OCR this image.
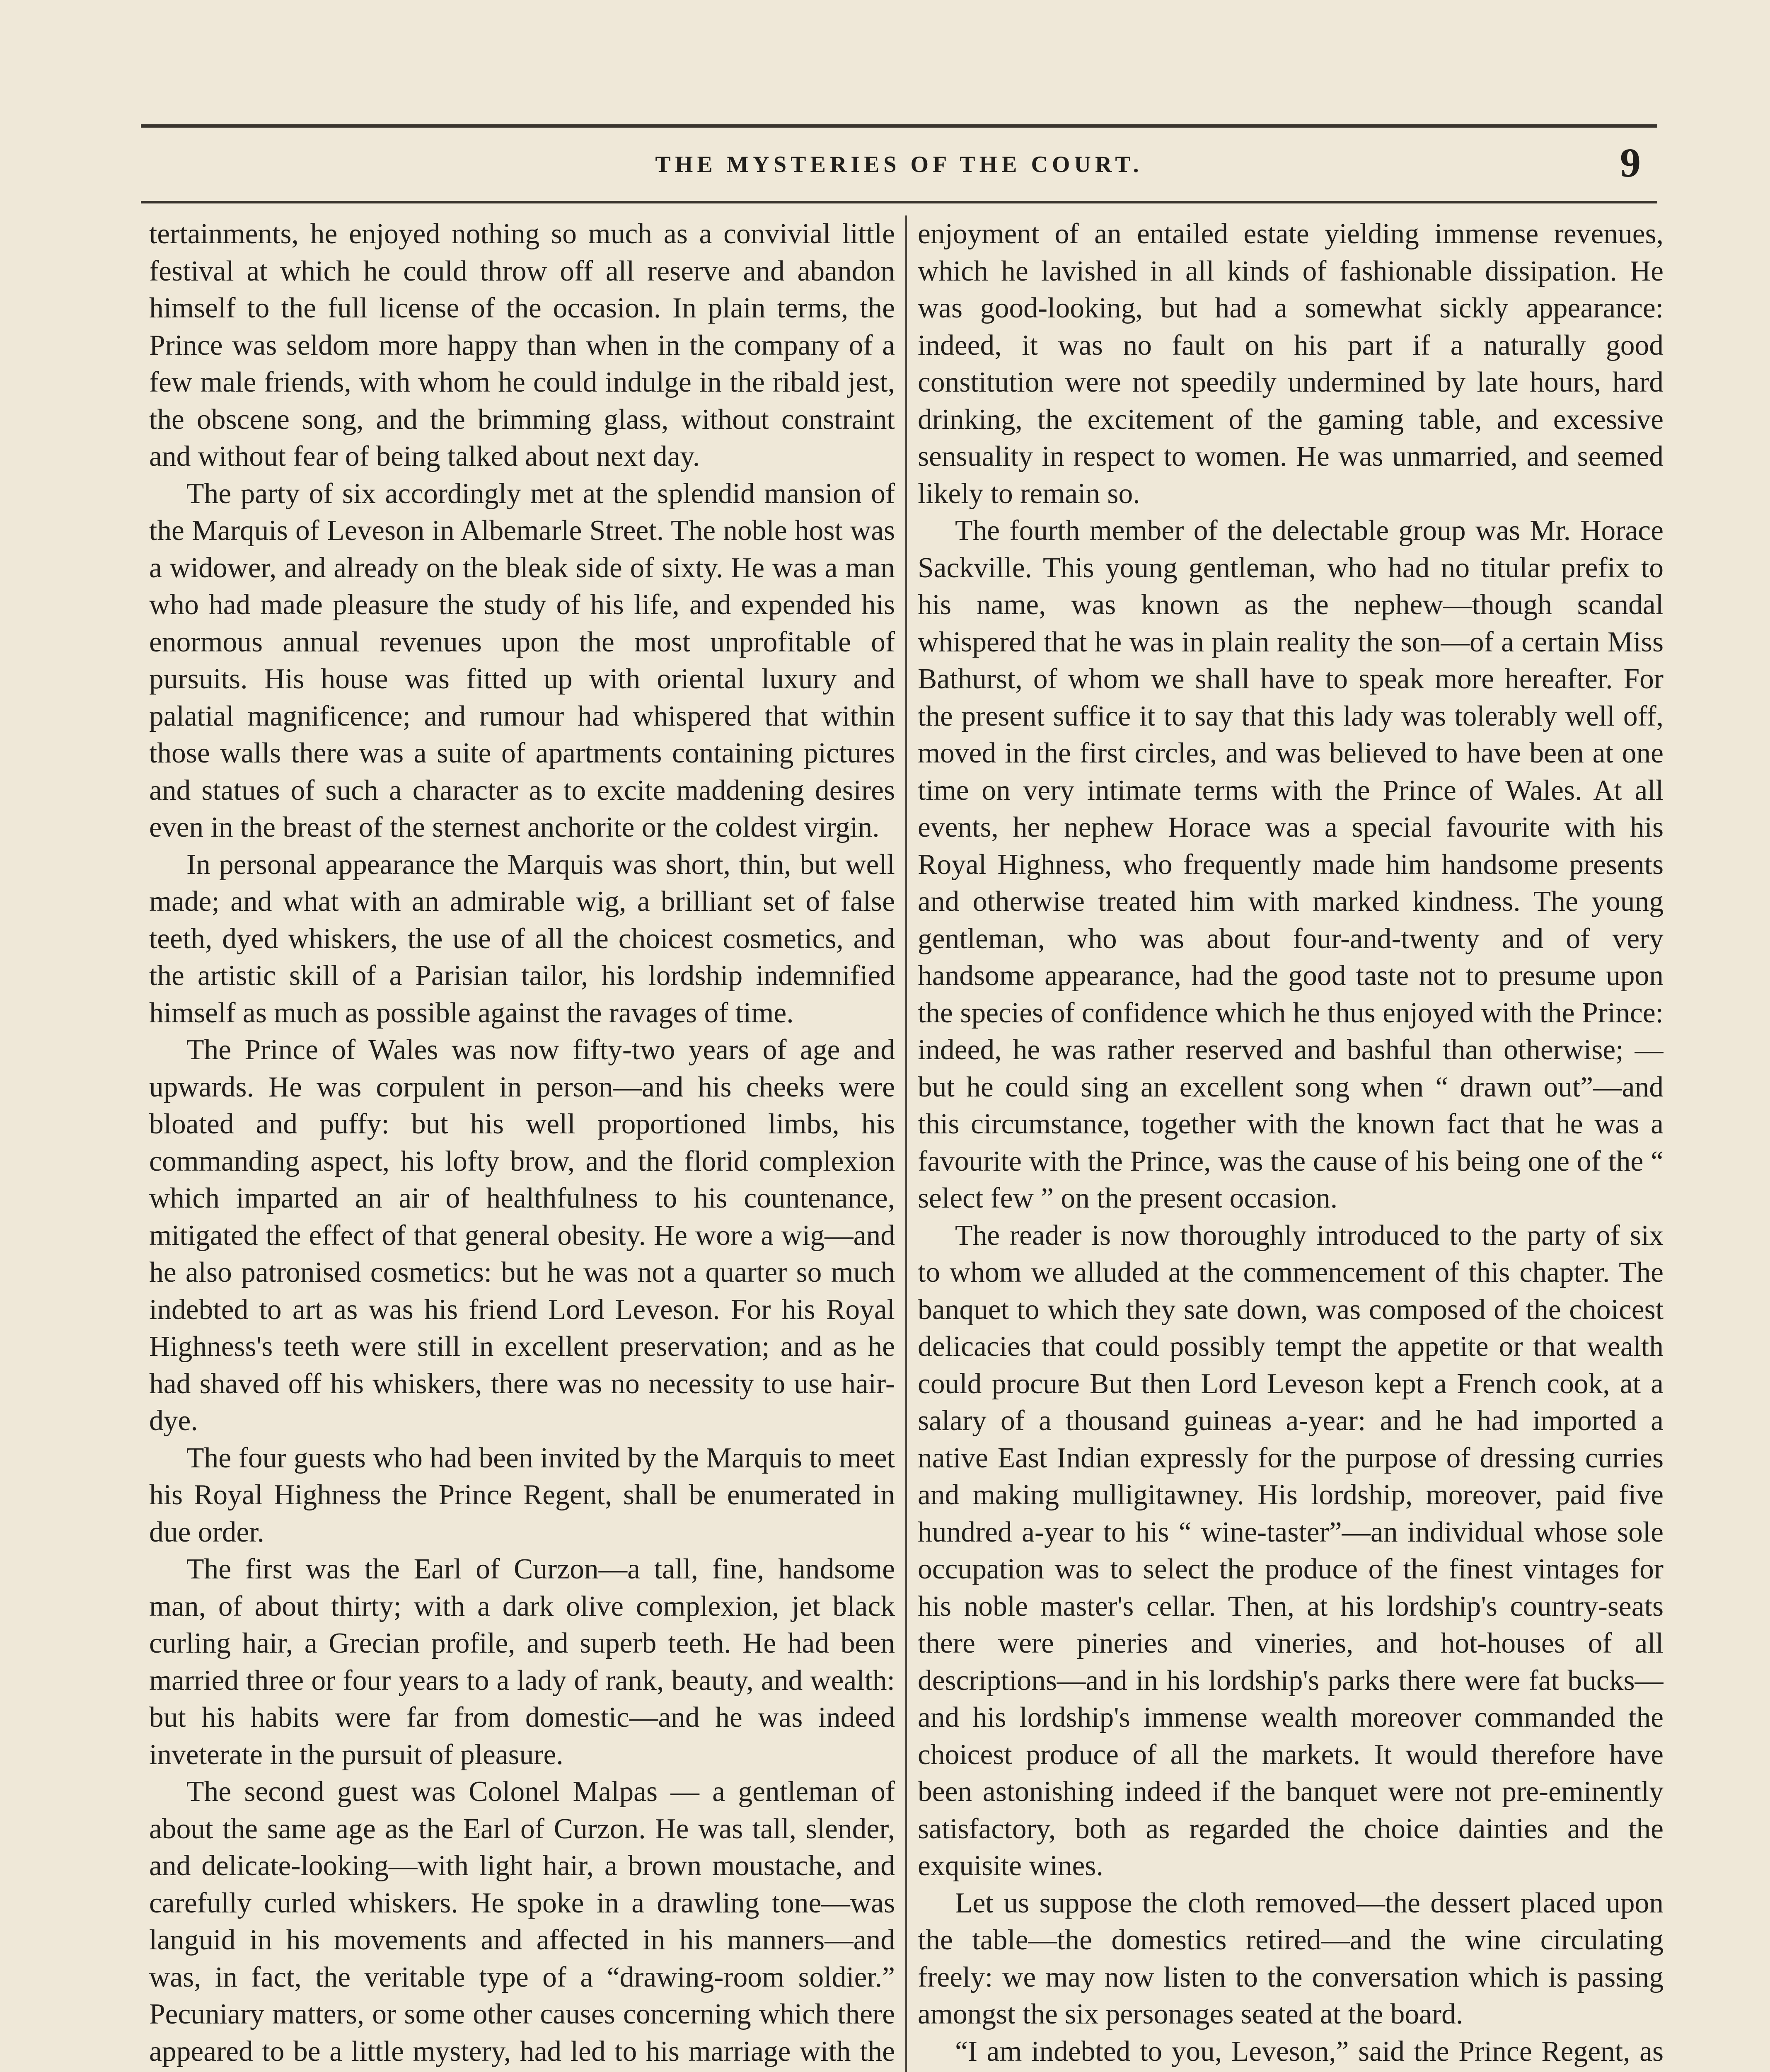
THE MYSTERIES OF THE COURT.	9

tertainments, he enjoyed nothing so much as a convivial little festival at which he could throw off all reserve and abandon himself to the full license of the occasion. In plain terms, the Prince was seldom more happy than when in the company of a few male friends, with whom he could indulge in the ribald jest, the obscene song, and the brimming glass, without constraint and without fear of being talked about next day.

The party of six accordingly met at the splendid mansion of the Marquis of Leveson in Albemarle Street. The noble host was a widower, and already on the bleak side of sixty. He was a man who had made pleasure the study of his life, and expended his enormous annual revenues upon the most unprofitable of pursuits. His house was fitted up with oriental luxury and palatial magnificence; and rumour had whispered that within those walls there was a suite of apartments containing pictures and statues of such a character as to excite maddening desires even in the breast of the sternest anchorite or the coldest virgin.

In personal appearance the Marquis was short, thin, but well made; and what with an admirable wig, a brilliant set of false teeth, dyed whiskers, the use of all the choicest cosmetics, and the artistic skill of a Parisian tailor, his lordship indemnified himself as much as possible against the ravages of time.

The Prince of Wales was now fifty-two years of age and upwards. He was corpulent in person—and his cheeks were bloated and puffy: but his well proportioned limbs, his commanding aspect, his lofty brow, and the florid complexion which imparted an air of healthfulness to his countenance, mitigated the effect of that general obesity. He wore a wig—and he also patronised cosmetics: but he was not a quarter so much indebted to art as was his friend Lord Leveson. For his Royal Highness's teeth were still in excellent preservation; and as he had shaved off his whiskers, there was no necessity to use hair-dye.

The four guests who had been invited by the Marquis to meet his Royal Highness the Prince Regent, shall be enumerated in due order.

The first was the Earl of Curzon—a tall, fine, handsome man, of about thirty; with a dark olive complexion, jet black curling hair, a Grecian profile, and superb teeth. He had been married three or four years to a lady of rank, beauty, and wealth: but his habits were far from domestic—and he was indeed inveterate in the pursuit of pleasure.

The second guest was Colonel Malpas — a gentleman of about the same age as the Earl of Curzon. He was tall, slender, and delicate-looking—with light hair, a brown moustache, and carefully curled whiskers. He spoke in a drawling tone—was languid in his movements and affected in his manners—and was, in fact, the veritable type of a “drawing-room soldier.” Pecuniary matters, or some other causes concerning which there appeared to be a little mystery, had led to his marriage with the

enjoyment of an entailed estate yielding immense revenues, which he lavished in all kinds of fashionable dissipation. He was good-looking, but had a somewhat sickly appearance: indeed, it was no fault on his part if a naturally good constitution were not speedily undermined by late hours, hard drinking, the excitement of the gaming table, and excessive sensuality in respect to women. He was unmarried, and seemed likely to remain so.

The fourth member of the delectable group was Mr. Horace Sackville. This young gentleman, who had no titular prefix to his name, was known as the nephew—though scandal whispered that he was in plain reality the son—of a certain Miss Bathurst, of whom we shall have to speak more hereafter. For the present suffice it to say that this lady was tolerably well off, moved in the first circles, and was believed to have been at one time on very intimate terms with the Prince of Wales. At all events, her nephew Horace was a special favourite with his Royal Highness, who frequently made him handsome presents and otherwise treated him with marked kindness. The young gentleman, who was about four-and-twenty and of very handsome appearance, had the good taste not to presume upon the species of confidence which he thus enjoyed with the Prince: indeed, he was rather reserved and bashful than otherwise; — but he could sing an excellent song when “ drawn out”—and this circumstance, together with the known fact that he was a favourite with the Prince, was the cause of his being one of the “ select few ” on the present occasion.

The reader is now thoroughly introduced to the party of six to whom we alluded at the commencement of this chapter. The banquet to which they sate down, was composed of the choicest delicacies that could possibly tempt the appetite or that wealth could procure But then Lord Leveson kept a French cook, at a salary of a thousand guineas a-year: and he had imported a native East Indian expressly for the purpose of dressing curries and making mulligitawney. His lordship, moreover, paid five hundred a-year to his “ wine-taster”—an individual whose sole occupation was to select the produce of the finest vintages for his noble master's cellar. Then, at his lordship's country-seats there were pineries and vineries, and hot-houses of all descriptions—and in his lordship's parks there were fat bucks—and his lordship's immense wealth moreover commanded the choicest produce of all the markets. It would therefore have been astonishing indeed if the banquet were not pre-eminently satisfactory, both as regarded the choice dainties and the exquisite wines.

Let us suppose the cloth removed—the dessert placed upon the table—the domestics retired—and the wine circulating freely: we may now listen to the conversation which is passing amongst the six personages seated at the board.

“I am indebted to you, Leveson,” said the Prince Regent, as
